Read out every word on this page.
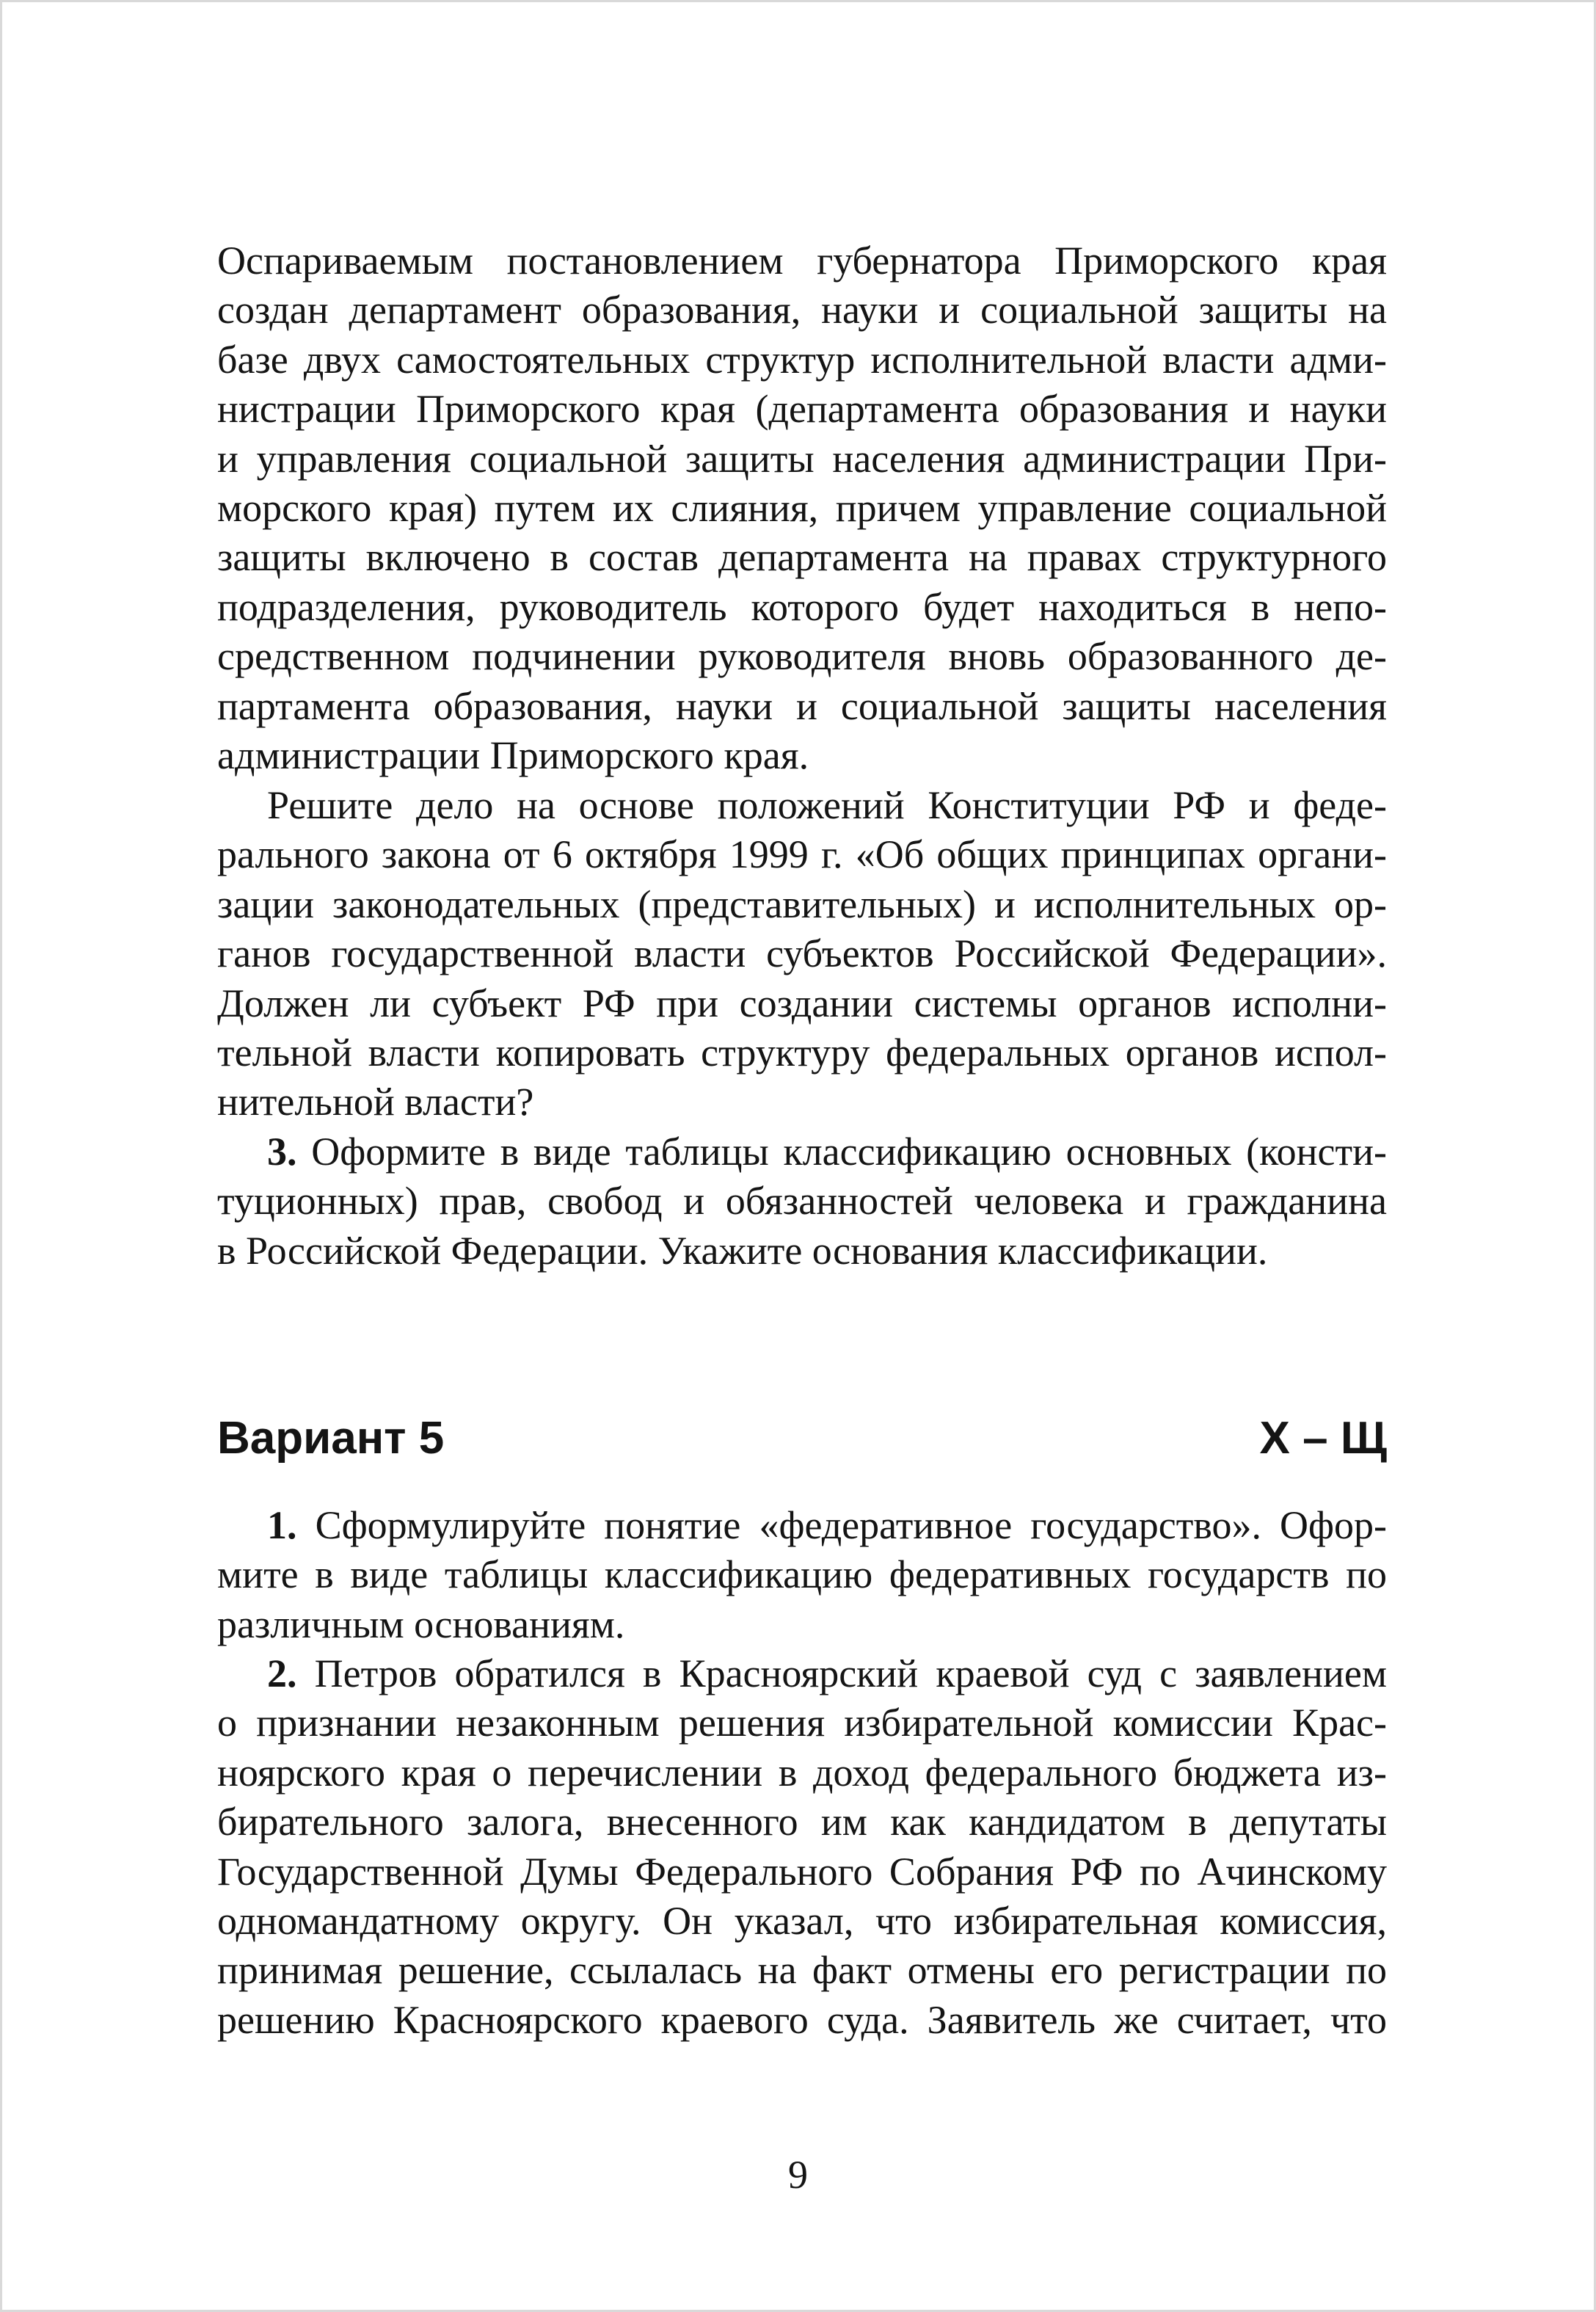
Оспариваемым постановлением губернатора Приморского края
создан департамент образования, науки и социальной защиты на
базе двух самостоятельных структур исполнительной власти адми-
нистрации Приморского края (департамента образования и науки
и управления социальной защиты населения администрации При-
морского края) путем их слияния, причем управление социальной
защиты включено в состав департамента на правах структурного
подразделения, руководитель которого будет находиться в непо-
средственном подчинении руководителя вновь образованного де-
партамента образования, науки и социальной защиты населения
администрации Приморского края.
Решите дело на основе положений Конституции РФ и феде-
рального закона от 6 октября 1999 г. «Об общих принципах органи-
зации законодательных (представительных) и исполнительных ор-
ганов государственной власти субъектов Российской Федерации».
Должен ли субъект РФ при создании системы органов исполни-
тельной власти копировать структуру федеральных органов испол-
нительной власти?
3. Оформите в виде таблицы классификацию основных (консти-
туционных) прав, свобод и обязанностей человека и гражданина
в Российской Федерации. Укажите основания классификации.
Вариант 5	Х – Щ
1. Сформулируйте понятие «федеративное государство». Офор-
мите в виде таблицы классификацию федеративных государств по
различным основаниям.
2. Петров обратился в Красноярский краевой суд с заявлением
о признании незаконным решения избирательной комиссии Крас-
ноярского края о перечислении в доход федерального бюджета из-
бирательного залога, внесенного им как кандидатом в депутаты
Государственной Думы Федерального Собрания РФ по Ачинскому
одномандатному округу. Он указал, что избирательная комиссия,
принимая решение, ссылалась на факт отмены его регистрации по
решению Красноярского краевого суда. Заявитель же считает, что
9
